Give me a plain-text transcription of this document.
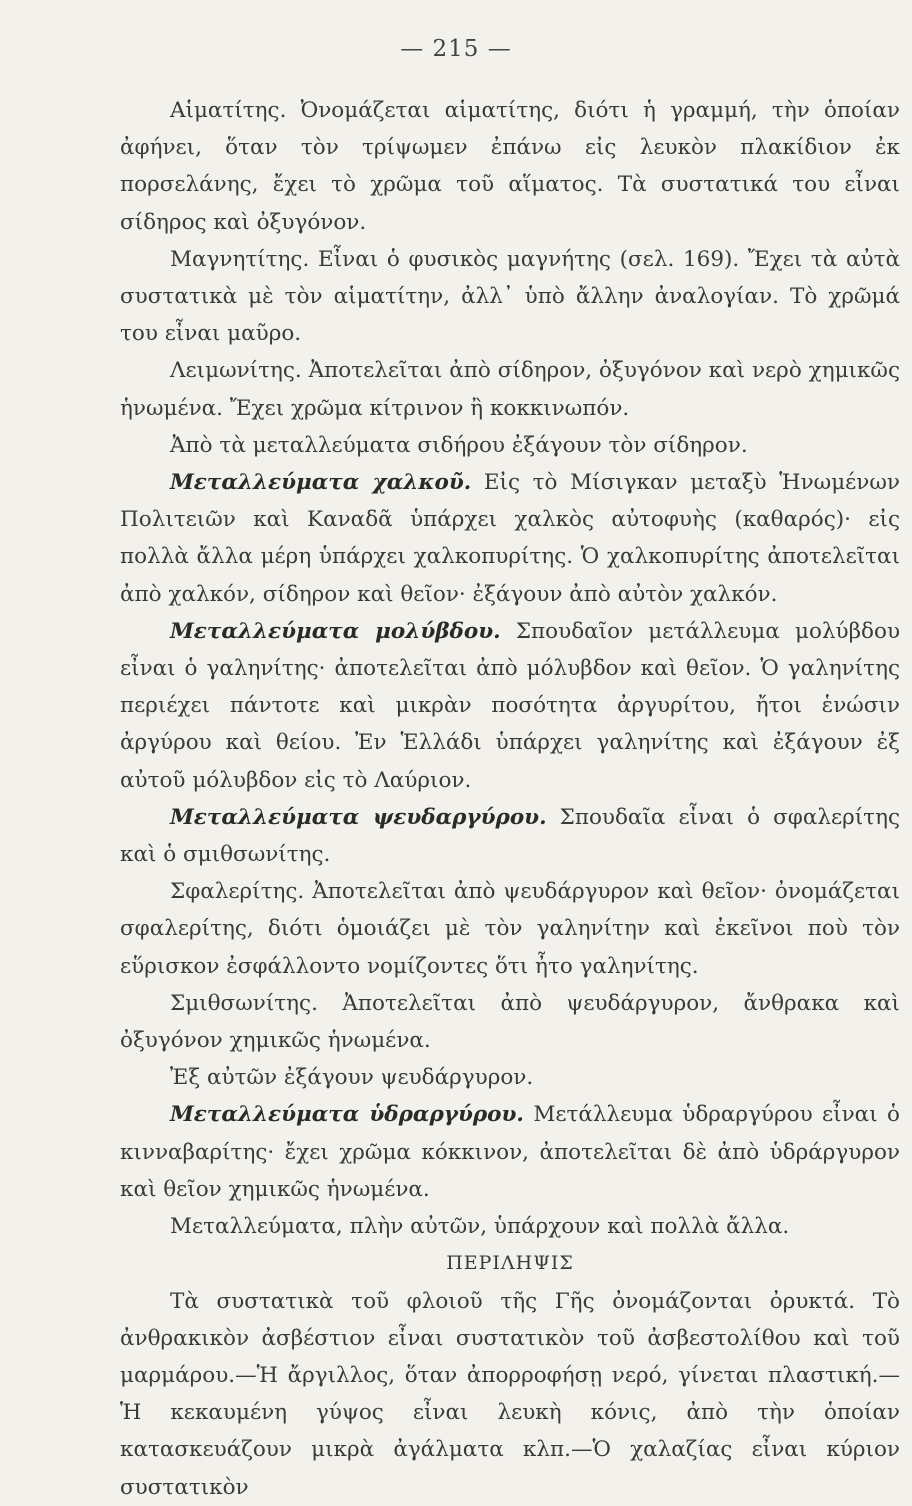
— 215 —

Αἱματίτης. Ὀνομάζεται αἱματίτης, διότι ἡ γραμμή, τὴν ὁποίαν ἀφήνει, ὅταν τὸν τρίψωμεν ἐπάνω εἰς λευκὸν πλακίδιον ἐκ πορσελάνης, ἔχει τὸ χρῶμα τοῦ αἵματος. Τὰ συστατικά του εἶναι σίδηρος καὶ ὀξυγόνον.

Μαγνητίτης. Εἶναι ὁ φυσικὸς μαγνήτης (σελ. 169). Ἔχει τὰ αὐτὰ συστατικὰ μὲ τὸν αἱματίτην, ἀλλ᾽ ὑπὸ ἄλλην ἀναλογίαν. Τὸ χρῶμά του εἶναι μαῦρο.

Λειμωνίτης. Ἀποτελεῖται ἀπὸ σίδηρον, ὀξυγόνον καὶ νερὸ χημικῶς ἡνωμένα. Ἔχει χρῶμα κίτρινον ἢ κοκκινωπόν.

Ἀπὸ τὰ μεταλλεύματα σιδήρου ἐξάγουν τὸν σίδηρον.

Μεταλλεύματα χαλκοῦ. Εἰς τὸ Μίσιγκαν μεταξὺ Ἡνωμένων Πολιτειῶν καὶ Καναδᾶ ὑπάρχει χαλκὸς αὐτοφυὴς (καθαρός)· εἰς πολλὰ ἄλλα μέρη ὑπάρχει χαλκοπυρίτης. Ὁ χαλκοπυρίτης ἀποτελεῖται ἀπὸ χαλκόν, σίδηρον καὶ θεῖον· ἐξάγουν ἀπὸ αὐτὸν χαλκόν.

Μεταλλεύματα μολύβδου. Σπουδαῖον μετάλλευμα μολύβδου εἶναι ὁ γαληνίτης· ἀποτελεῖται ἀπὸ μόλυβδον καὶ θεῖον. Ὁ γαληνίτης περιέχει πάντοτε καὶ μικρὰν ποσότητα ἀργυρίτου, ἤτοι ἑνώσιν ἀργύρου καὶ θείου. Ἐν Ἑλλάδι ὑπάρχει γαληνίτης καὶ ἐξάγουν ἐξ αὐτοῦ μόλυβδον εἰς τὸ Λαύριον.

Μεταλλεύματα ψευδαργύρου. Σπουδαῖα εἶναι ὁ σφαλερίτης καὶ ὁ σμιθσωνίτης.

Σφαλερίτης. Ἀποτελεῖται ἀπὸ ψευδάργυρον καὶ θεῖον· ὀνομάζεται σφαλερίτης, διότι ὁμοιάζει μὲ τὸν γαληνίτην καὶ ἐκεῖνοι ποὺ τὸν εὕρισκον ἐσφάλλοντο νομίζοντες ὅτι ἦτο γαληνίτης.

Σμιθσωνίτης. Ἀποτελεῖται ἀπὸ ψευδάργυρον, ἄνθρακα καὶ ὀξυγόνον χημικῶς ἡνωμένα.

Ἐξ αὐτῶν ἐξάγουν ψευδάργυρον.

Μεταλλεύματα ὑδραργύρου. Μετάλλευμα ὑδραργύρου εἶναι ὁ κινναβαρίτης· ἔχει χρῶμα κόκκινον, ἀποτελεῖται δὲ ἀπὸ ὑδράργυρον καὶ θεῖον χημικῶς ἡνωμένα.

Μεταλλεύματα, πλὴν αὐτῶν, ὑπάρχουν καὶ πολλὰ ἄλλα.

ΠΕΡΙΛΗΨΙΣ

Τὰ συστατικὰ τοῦ φλοιοῦ τῆς Γῆς ὀνομάζονται ὀρυκτά. Τὸ ἀνθρακικὸν ἀσβέστιον εἶναι συστατικὸν τοῦ ἀσβεστολίθου καὶ τοῦ μαρμάρου.—Ἡ ἄργιλλος, ὅταν ἀπορροφήσῃ νερό, γίνεται πλαστική.—Ἡ κεκαυμένη γύψος εἶναι λευκὴ κόνις, ἀπὸ τὴν ὁποίαν κατασκευάζουν μικρὰ ἀγάλματα κλπ.—Ὁ χαλαζίας εἶναι κύριον συστατικὸν
